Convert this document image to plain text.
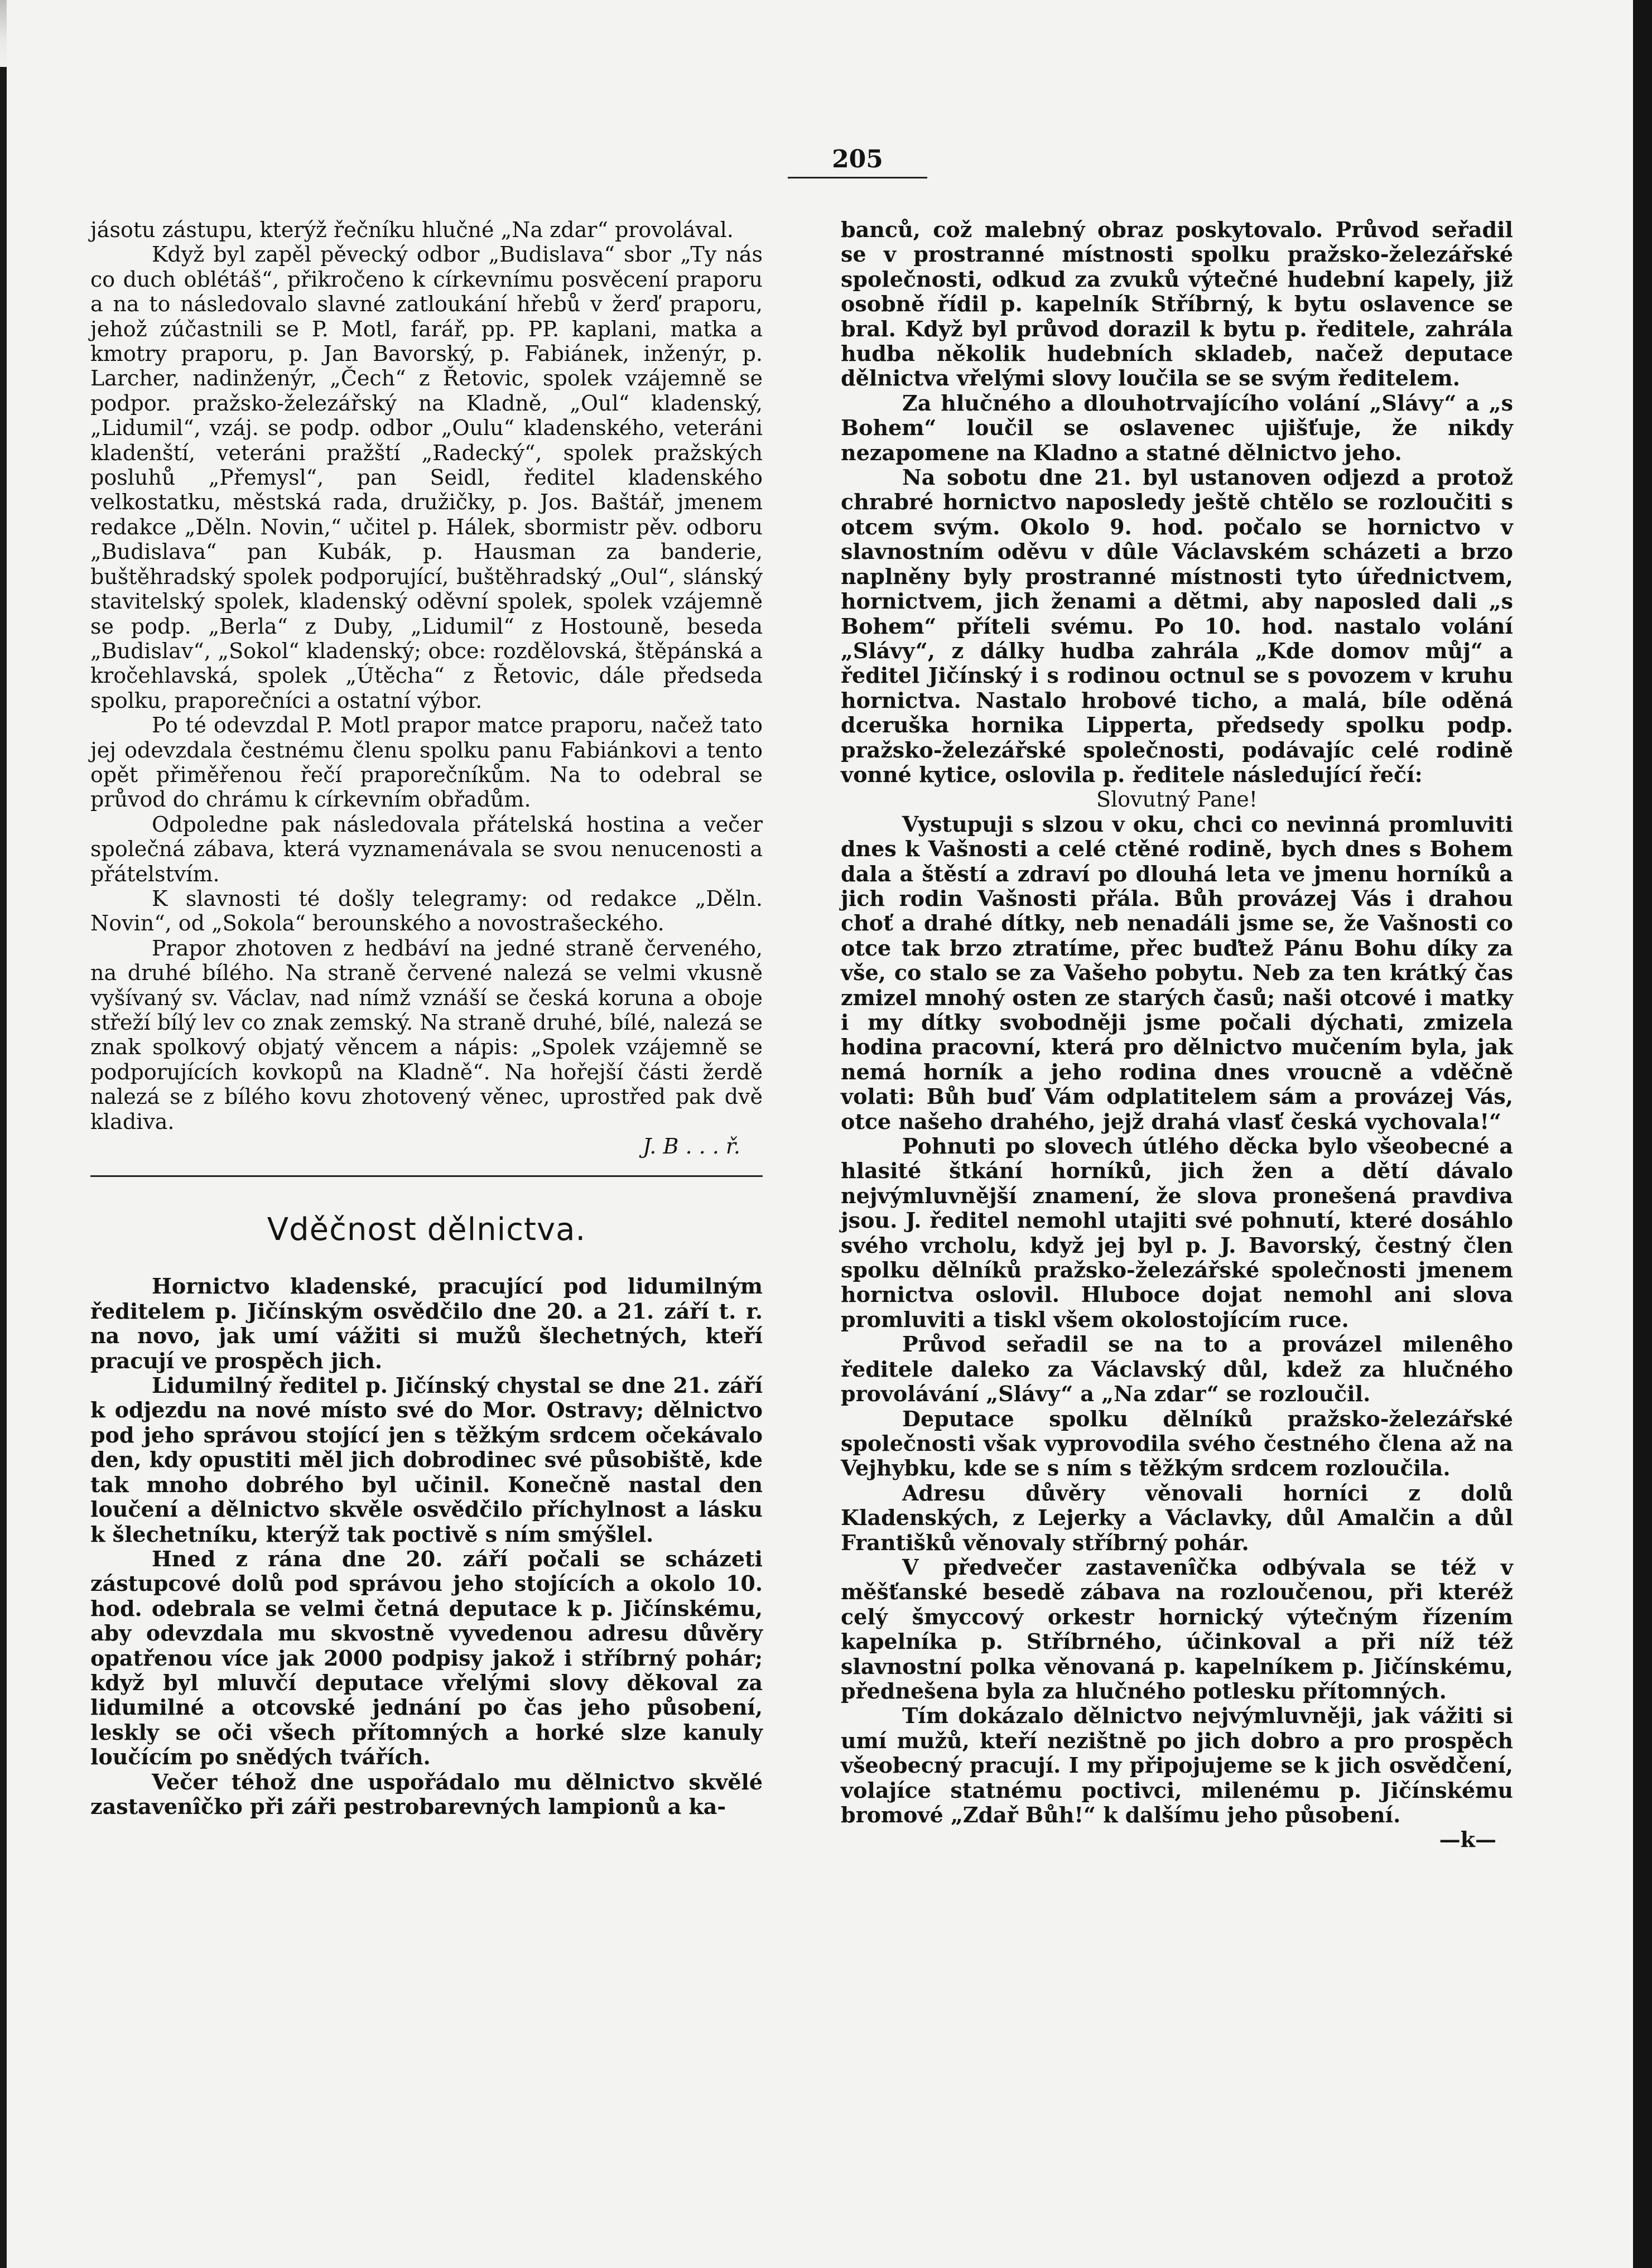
205

jásotu zástupu, kterýž řečníku hlučné „Na zdar“ provolával.

Když byl zapěl pěvecký odbor „Budislava“ sbor „Ty nás co duch oblétáš“, přikročeno k církevnímu posvěcení praporu a na to následovalo slavné zatloukání hřebů v žerď praporu, jehož zúčastnili se P. Motl, farář, pp. PP. kaplani, matka a kmotry praporu, p. Jan Bavorský, p. Fabiánek, inženýr, p. Larcher, nadinženýr, „Čech“ z Řetovic, spolek vzájemně se podpor. pražsko-železářský na Kladně, „Oul“ kladenský, „Lidumil“, vzáj. se podp. odbor „Oulu“ kladenského, veteráni kladenští, veteráni pražští „Radecký“, spolek pražských posluhů „Přemysl“, pan Seidl, ředitel kladenského velkostatku, městská rada, družičky, p. Jos. Baštář, jmenem redakce „Děln. Novin,“ učitel p. Hálek, sbormistr pěv. odboru „Budislava“ pan Kubák, p. Hausman za banderie, buštěhradský spolek podporující, buštěhradský „Oul“, slánský stavitelský spolek, kladenský oděvní spolek, spolek vzájemně se podp. „Berla“ z Duby, „Lidumil“ z Hostouně, beseda „Budislav“, „Sokol“ kladenský; obce: rozdělovská, štěpánská a kročehlavská, spolek „Útěcha“ z Řetovic, dále předseda spolku, praporečníci a ostatní výbor.

Po té odevzdal P. Motl prapor matce praporu, načež tato jej odevzdala čestnému členu spolku panu Fabiánkovi a tento opět přiměřenou řečí praporečníkům. Na to odebral se průvod do chrámu k církevním obřadům.

Odpoledne pak následovala přátelská hostina a večer společná zábava, která vyznamenávala se svou nenucenosti a přátelstvím.

K slavnosti té došly telegramy: od redakce „Děln. Novin“, od „Sokola“ berounského a novostrašeckého.

Prapor zhotoven z hedbáví na jedné straně červeného, na druhé bílého. Na straně červené nalezá se velmi vkusně vyšívaný sv. Václav, nad nímž vznáší se česká koruna a oboje střeží bílý lev co znak zemský. Na straně druhé, bílé, nalezá se znak spolkový objatý věncem a nápis: „Spolek vzájemně se podporujících kovkopů na Kladně“. Na hořejší části žerdě nalezá se z bílého kovu zhotovený věnec, uprostřed pak dvě kladiva.

J. B . . . ř.
Vděčnost dělnictva.

Hornictvo kladenské, pracující pod lidumilným ředitelem p. Jičínským osvědčilo dne 20. a 21. září t. r. na novo, jak umí vážiti si mužů šlechetných, kteří pracují ve prospěch jich.

Lidumilný ředitel p. Jičínský chystal se dne 21. září k odjezdu na nové místo své do Mor. Ostravy; dělnictvo pod jeho správou stojící jen s těžkým srdcem očekávalo den, kdy opustiti měl jich dobrodinec své působiště, kde tak mnoho dobrého byl učinil. Konečně nastal den loučení a dělnictvo skvěle osvědčilo příchylnost a lásku k šlechetníku, kterýž tak poctivě s ním smýšlel.

Hned z rána dne 20. září počali se scházeti zástupcové dolů pod správou jeho stojících a okolo 10. hod. odebrala se velmi četná deputace k p. Jičínskému, aby odevzdala mu skvostně vyvedenou adresu důvěry opatřenou více jak 2000 podpisy jakož i stříbrný pohár; když byl mluvčí deputace vřelými slovy děkoval za lidumilné a otcovské jednání po čas jeho působení, leskly se oči všech přítomných a horké slze kanuly loučícím po snědých tvářích.

Večer téhož dne uspořádalo mu dělnictvo skvělé zastavenîčko při záři pestrobarevných lampionů a ka-

banců, což malebný obraz poskytovalo. Průvod seřadil se v prostranné místnosti spolku pražsko-železářské společnosti, odkud za zvuků výtečné hudební kapely, již osobně řídil p. kapelník Stříbrný, k bytu oslavence se bral. Když byl průvod dorazil k bytu p. ředitele, zahrála hudba několik hudebních skladeb, načež deputace dělnictva vřelými slovy loučila se se svým ředitelem.

Za hlučného a dlouhotrvajícího volání „Slávy“ a „s Bohem“ loučil se oslavenec ujišťuje, že nikdy nezapomene na Kladno a statné dělnictvo jeho.

Na sobotu dne 21. byl ustanoven odjezd a protož chrabré hornictvo naposledy ještě chtělo se rozloučiti s otcem svým. Okolo 9. hod. počalo se hornictvo v slavnostním oděvu v dûle Václavském scházeti a brzo naplněny byly prostranné místnosti tyto úřednictvem, hornictvem, jich ženami a dětmi, aby naposled dali „s Bohem“ příteli svému. Po 10. hod. nastalo volání „Slávy“, z dálky hudba zahrála „Kde domov můj“ a ředitel Jičínský i s rodinou octnul se s povozem v kruhu hornictva. Nastalo hrobové ticho, a malá, bíle oděná dceruška hornika Lipperta, předsedy spolku podp. pražsko-železářské společnosti, podávajíc celé rodině vonné kytice, oslovila p. ředitele následující řečí:

Slovutný Pane!

Vystupuji s slzou v oku, chci co nevinná promluviti dnes k Vašnosti a celé ctěné rodině, bych dnes s Bohem dala a štěstí a zdraví po dlouhá leta ve jmenu horníků a jich rodin Vašnosti přála. Bůh provázej Vás i drahou choť a drahé dítky, neb nenadáli jsme se, že Vašnosti co otce tak brzo ztratíme, přec buďtež Pánu Bohu díky za vše, co stalo se za Vašeho pobytu. Neb za ten krátký čas zmizel mnohý osten ze starých časů; naši otcové i matky i my dítky svobodněji jsme počali dýchati, zmizela hodina pracovní, která pro dělnictvo mučením byla, jak nemá horník a jeho rodina dnes vroucně a vděčně volati: Bůh buď Vám odplatitelem sám a provázej Vás, otce našeho drahého, jejž drahá vlasť česká vychovala!“

Pohnuti po slovech útlého děcka bylo všeobecné a hlasité štkání horníků, jich žen a dětí dávalo nejvýmluvnější znamení, že slova pronešená pravdiva jsou. J. ředitel nemohl utajiti své pohnutí, které dosáhlo svého vrcholu, když jej byl p. J. Bavorský, čestný člen spolku dělníků pražsko-železářské společnosti jmenem hornictva oslovil. Hluboce dojat nemohl ani slova promluviti a tiskl všem okolostojícím ruce.

Průvod seřadil se na to a provázel milenêho ředitele daleko za Václavský důl, kdež za hlučného provolávání „Slávy“ a „Na zdar“ se rozloučil.

Deputace spolku dělníků pražsko-železářské společnosti však vyprovodila svého čestného člena až na Vejhybku, kde se s ním s těžkým srdcem rozloučila.

Adresu důvěry věnovali horníci z dolů Kladenských, z Lejerky a Václavky, důl Amalčin a důl Františků věnovaly stříbrný pohár.

V předvečer zastavenîčka odbývala se též v měšťanské besedě zábava na rozloučenou, při kteréž celý šmyccový orkestr hornický výtečným řízením kapelníka p. Stříbrného, účinkoval a při níž též slavnostní polka věnovaná p. kapelníkem p. Jičínskému, přednešena byla za hlučného potlesku přítomných.

Tím dokázalo dělnictvo nejvýmluvněji, jak vážiti si umí mužů, kteří nezištně po jich dobro a pro prospěch všeobecný pracují. I my připojujeme se k jich osvědčení, volajíce statnému poctivci, milenému p. Jičínskému bromové „Zdař Bůh!“ k dalšímu jeho působení.

—k—
